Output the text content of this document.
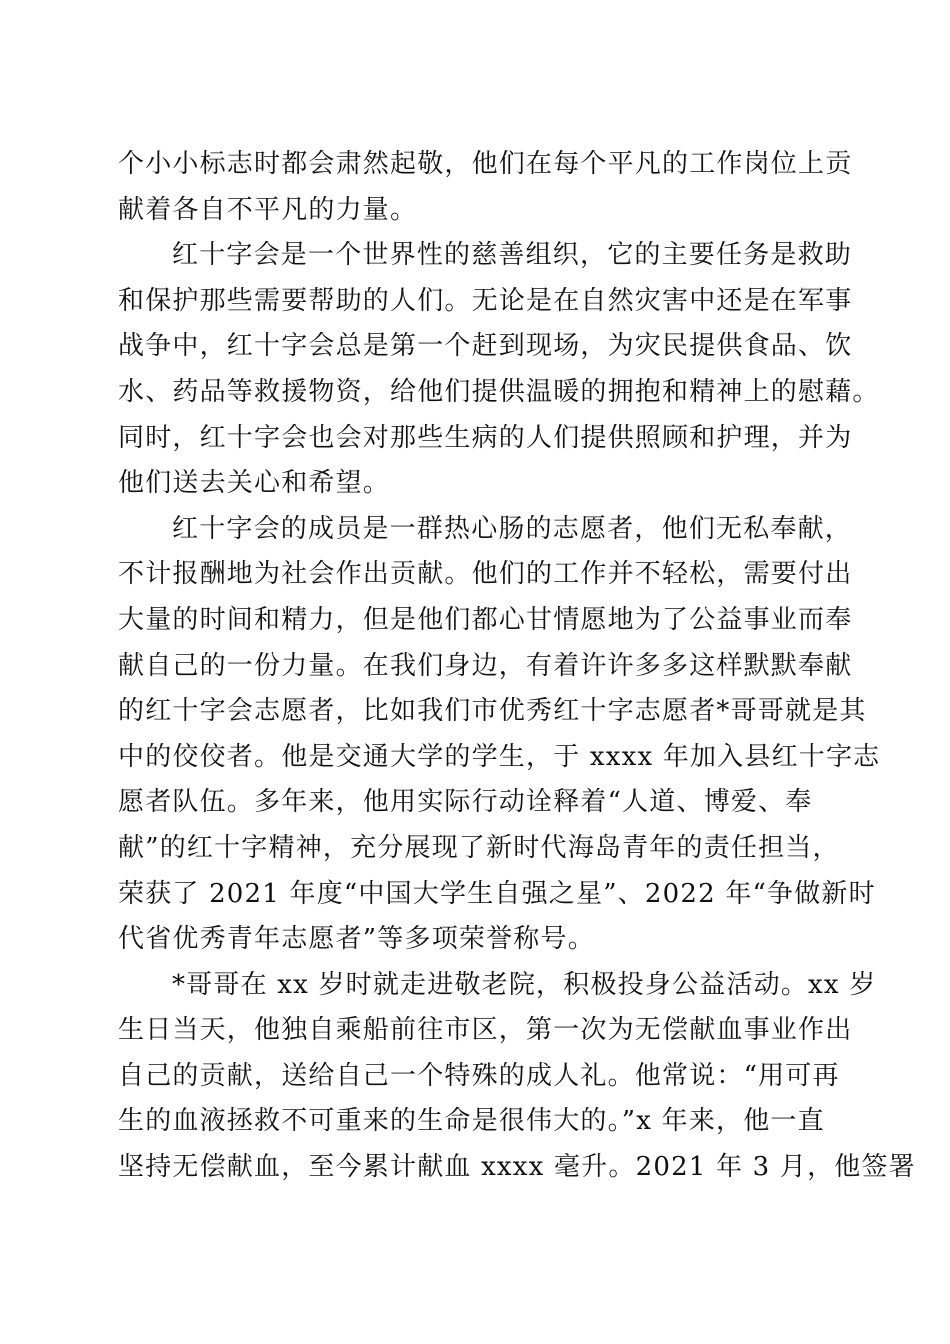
个小小标志时都会肃然起敬，他们在每个平凡的工作岗位上贡
献着各自不平凡的力量。
红十字会是一个世界性的慈善组织，它的主要任务是救助
和保护那些需要帮助的人们。无论是在自然灾害中还是在军事
战争中，红十字会总是第一个赶到现场，为灾民提供食品、饮
水、药品等救援物资，给他们提供温暖的拥抱和精神上的慰藉。
同时，红十字会也会对那些生病的人们提供照顾和护理，并为
他们送去关心和希望。
红十字会的成员是一群热心肠的志愿者，他们无私奉献，
不计报酬地为社会作出贡献。他们的工作并不轻松，需要付出
大量的时间和精力，但是他们都心甘情愿地为了公益事业而奉
献自己的一份力量。在我们身边，有着许许多多这样默默奉献
的红十字会志愿者，比如我们市优秀红十字志愿者*哥哥就是其
中的佼佼者。他是交通大学的学生，于 xxxx 年加入县红十字志
愿者队伍。多年来，他用实际行动诠释着“人道、博爱、奉
献”的红十字精神，充分展现了新时代海岛青年的责任担当，
荣获了 2021 年度“中国大学生自强之星”、2022 年“争做新时
代省优秀青年志愿者”等多项荣誉称号。
*哥哥在 xx 岁时就走进敬老院，积极投身公益活动。xx 岁
生日当天，他独自乘船前往市区，第一次为无偿献血事业作出
自己的贡献，送给自己一个特殊的成人礼。他常说：“用可再
生的血液拯救不可重来的生命是很伟大的。”x 年来，他一直
坚持无偿献血，至今累计献血 xxxx 毫升。2021 年 3 月，他签署
